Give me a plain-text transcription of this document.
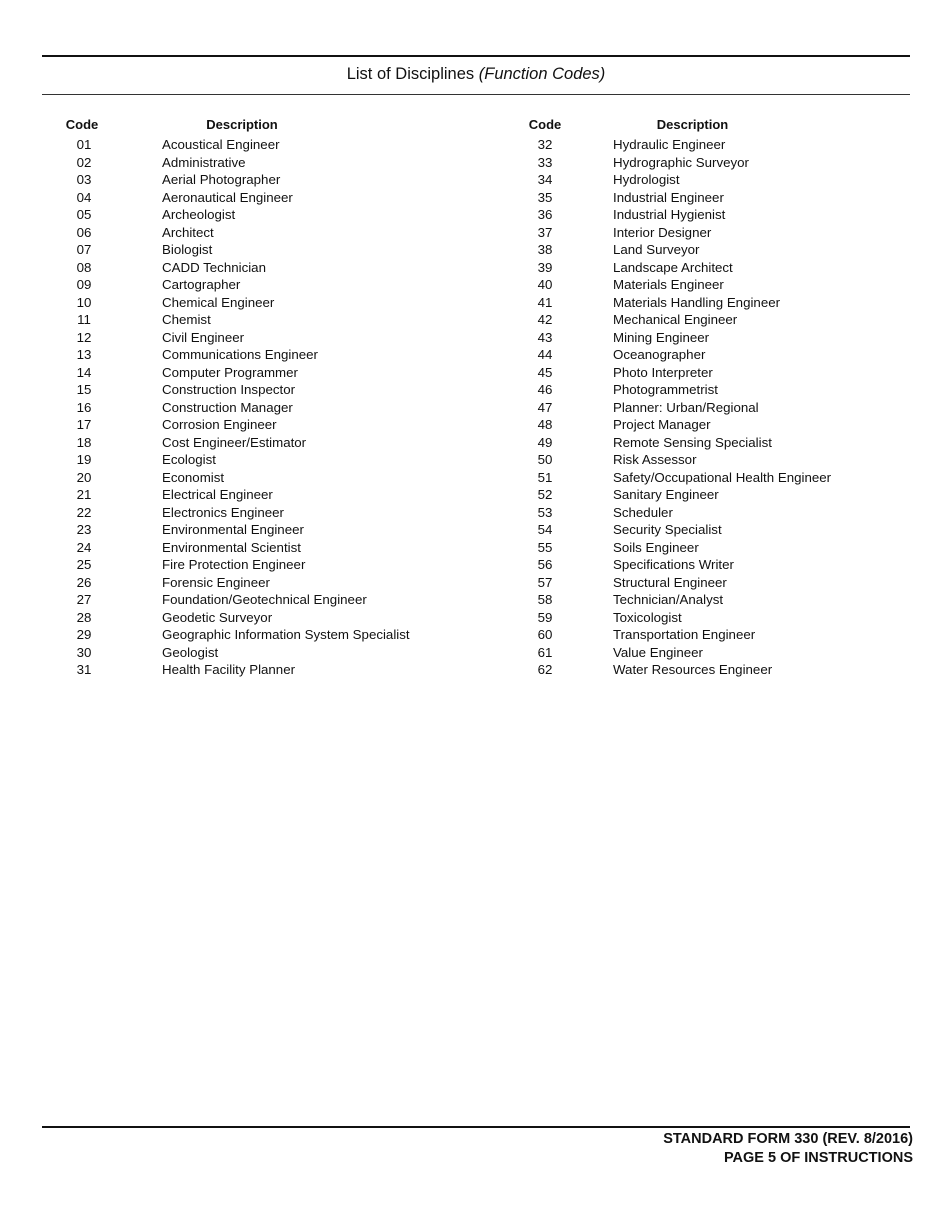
List of Disciplines (Function Codes)
Code	Description
01	Acoustical Engineer
02	Administrative
03	Aerial Photographer
04	Aeronautical Engineer
05	Archeologist
06	Architect
07	Biologist
08	CADD Technician
09	Cartographer
10	Chemical Engineer
11	Chemist
12	Civil Engineer
13	Communications Engineer
14	Computer Programmer
15	Construction Inspector
16	Construction Manager
17	Corrosion Engineer
18	Cost Engineer/Estimator
19	Ecologist
20	Economist
21	Electrical Engineer
22	Electronics Engineer
23	Environmental Engineer
24	Environmental Scientist
25	Fire Protection Engineer
26	Forensic Engineer
27	Foundation/Geotechnical Engineer
28	Geodetic Surveyor
29	Geographic Information System Specialist
30	Geologist
31	Health Facility Planner
Code	Description
32	Hydraulic Engineer
33	Hydrographic Surveyor
34	Hydrologist
35	Industrial Engineer
36	Industrial Hygienist
37	Interior Designer
38	Land Surveyor
39	Landscape Architect
40	Materials Engineer
41	Materials Handling Engineer
42	Mechanical Engineer
43	Mining Engineer
44	Oceanographer
45	Photo Interpreter
46	Photogrammetrist
47	Planner: Urban/Regional
48	Project Manager
49	Remote Sensing Specialist
50	Risk Assessor
51	Safety/Occupational Health Engineer
52	Sanitary Engineer
53	Scheduler
54	Security Specialist
55	Soils Engineer
56	Specifications Writer
57	Structural Engineer
58	Technician/Analyst
59	Toxicologist
60	Transportation Engineer
61	Value Engineer
62	Water Resources Engineer
STANDARD FORM 330 (REV. 8/2016)
PAGE 5 OF INSTRUCTIONS
